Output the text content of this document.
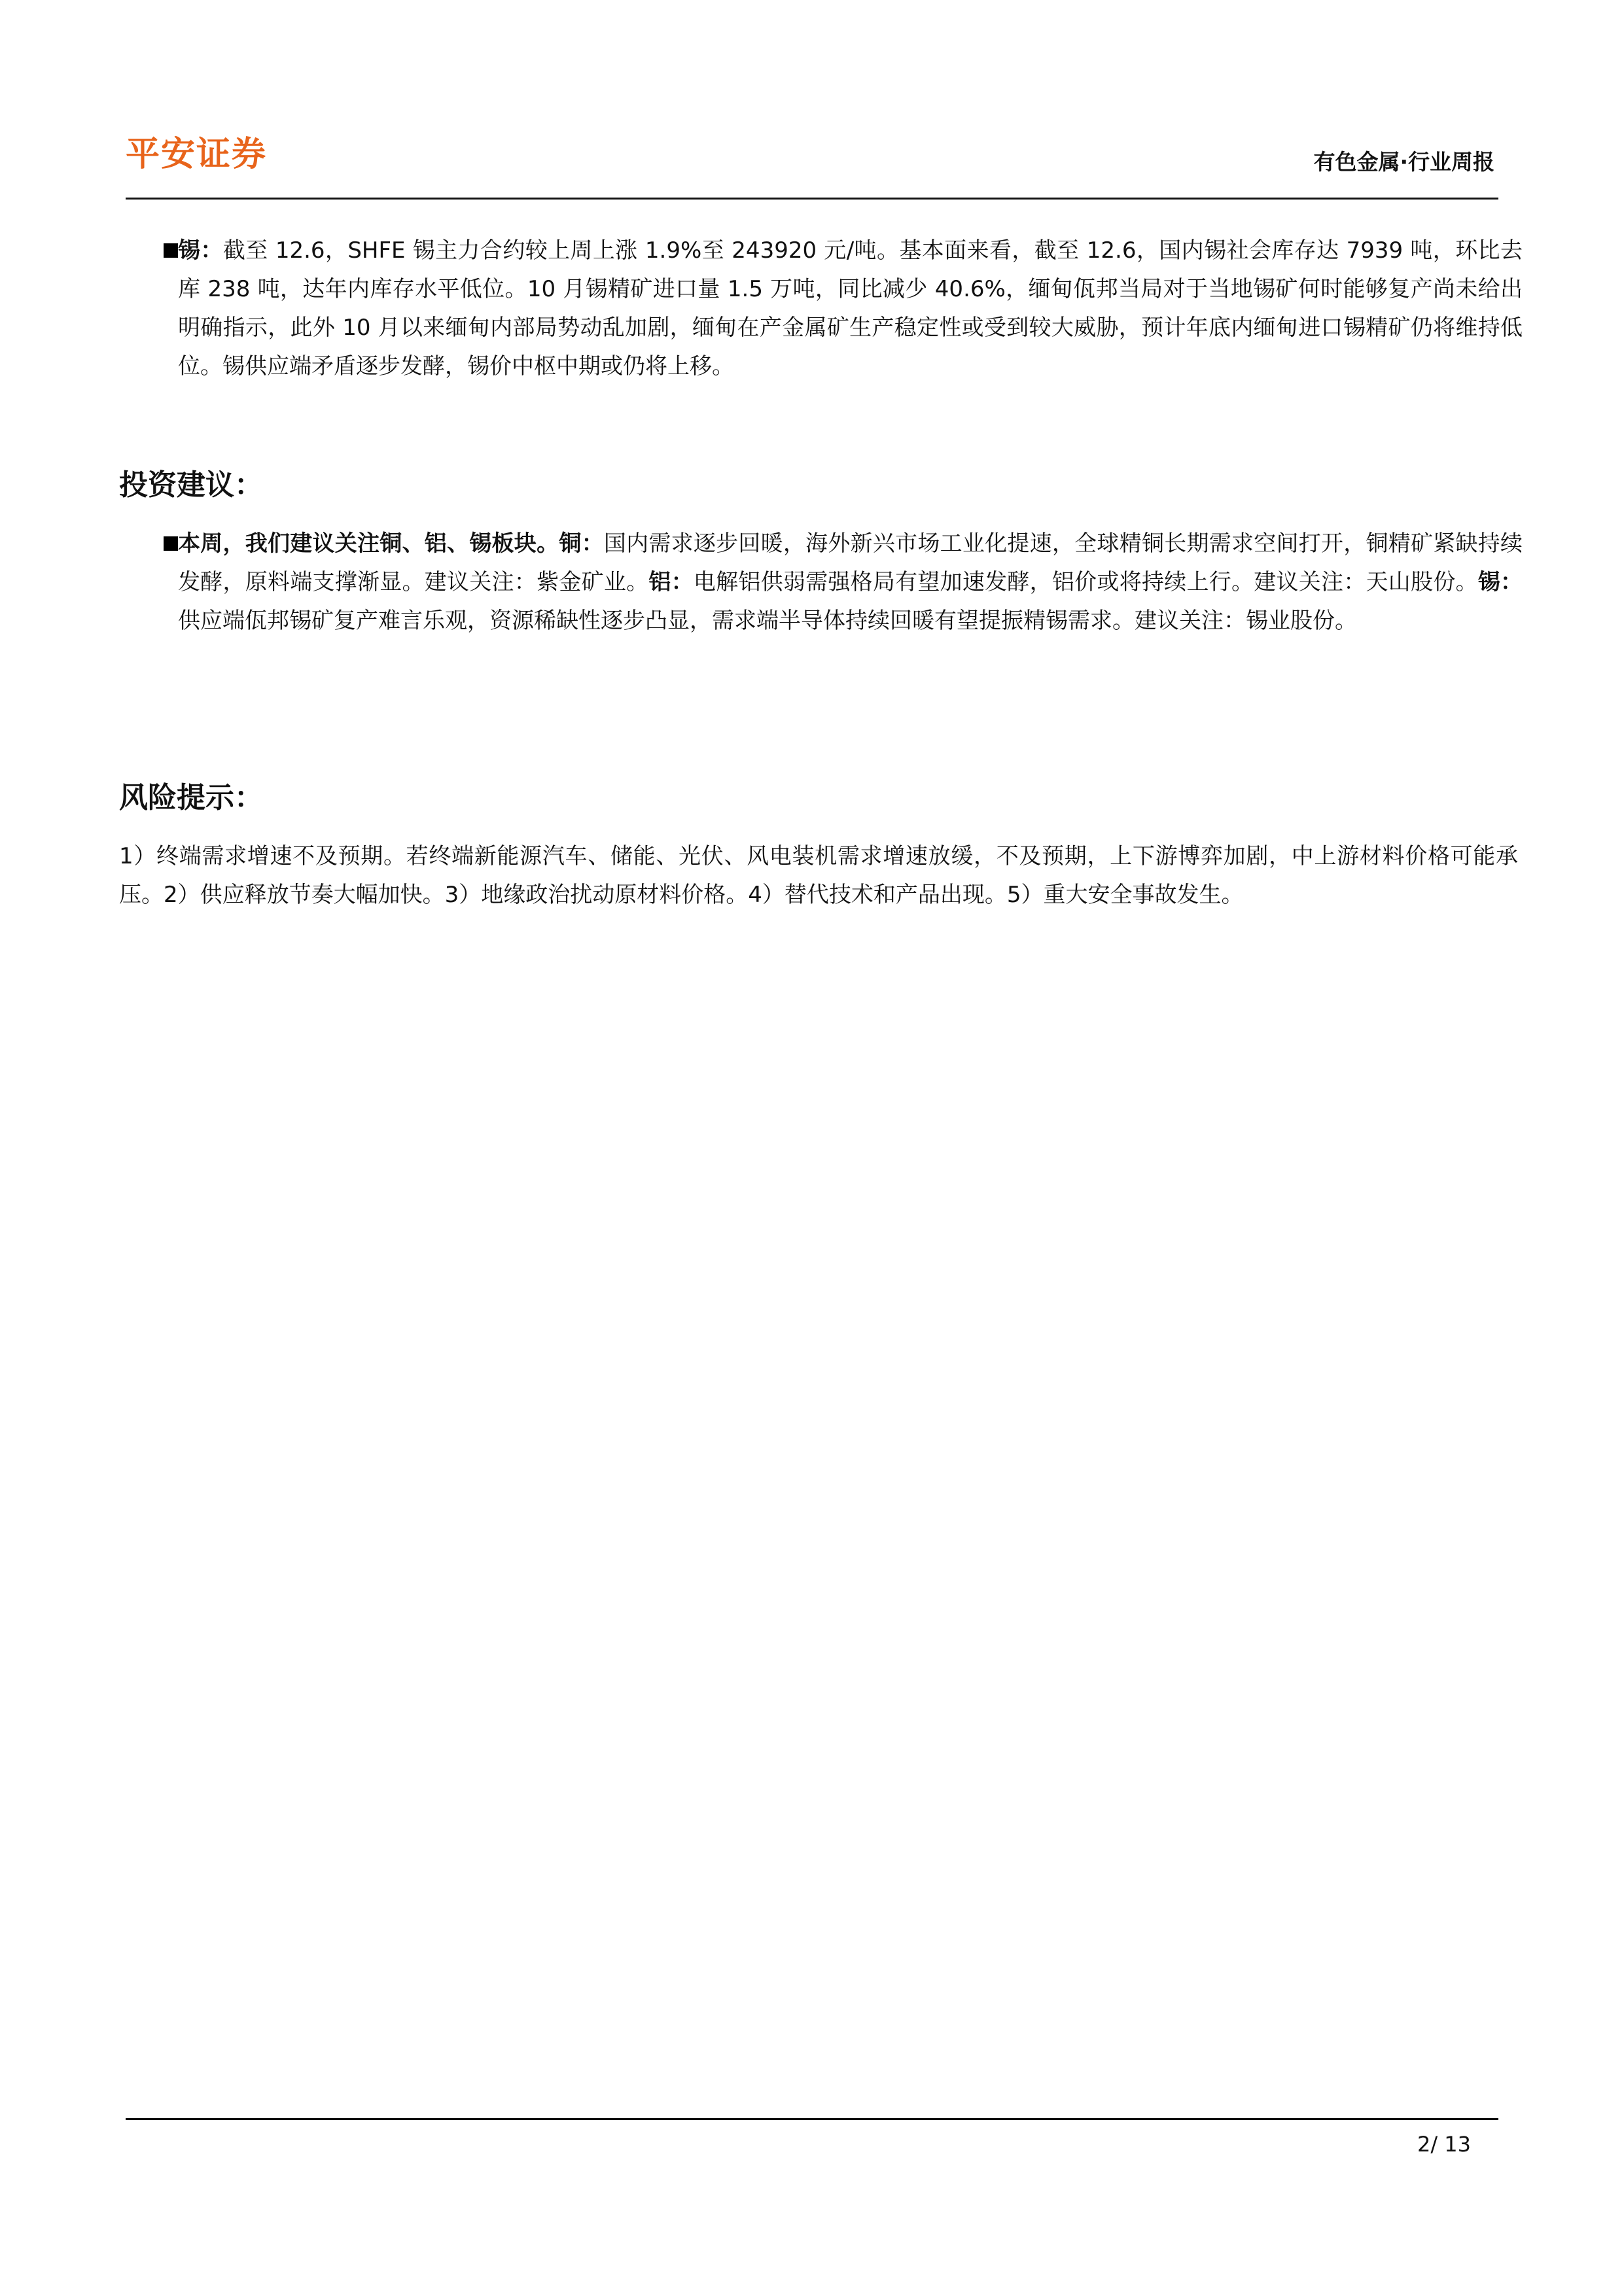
平安证券	有色金属·行业周报
锡：截至 12.6，SHFE 锡主力合约较上周上涨 1.9%至 243920 元/吨。基本面来看，截至 12.6，国内锡社会库存达 7939 吨，环比去库 238 吨，达年内库存水平低位。10 月锡精矿进口量 1.5 万吨，同比减少 40.6%，缅甸佤邦当局对于当地锡矿何时能够复产尚未给出明确指示，此外 10 月以来缅甸内部局势动乱加剧，缅甸在产金属矿生产稳定性或受到较大威胁，预计年底内缅甸进口锡精矿仍将维持低位。锡供应端矛盾逐步发酵，锡价中枢中期或仍将上移。
投资建议：
本周，我们建议关注铜、铝、锡板块。铜：国内需求逐步回暖，海外新兴市场工业化提速，全球精铜长期需求空间打开，铜精矿紧缺持续发酵，原料端支撑渐显。建议关注：紫金矿业。铝：电解铝供弱需强格局有望加速发酵，铝价或将持续上行。建议关注：天山股份。锡：供应端佤邦锡矿复产难言乐观，资源稀缺性逐步凸显，需求端半导体持续回暖有望提振精锡需求。建议关注：锡业股份。
风险提示：
1）终端需求增速不及预期。若终端新能源汽车、储能、光伏、风电装机需求增速放缓，不及预期，上下游博弈加剧，中上游材料价格可能承压。2）供应释放节奏大幅加快。3）地缘政治扰动原材料价格。4）替代技术和产品出现。5）重大安全事故发生。
2/ 13
